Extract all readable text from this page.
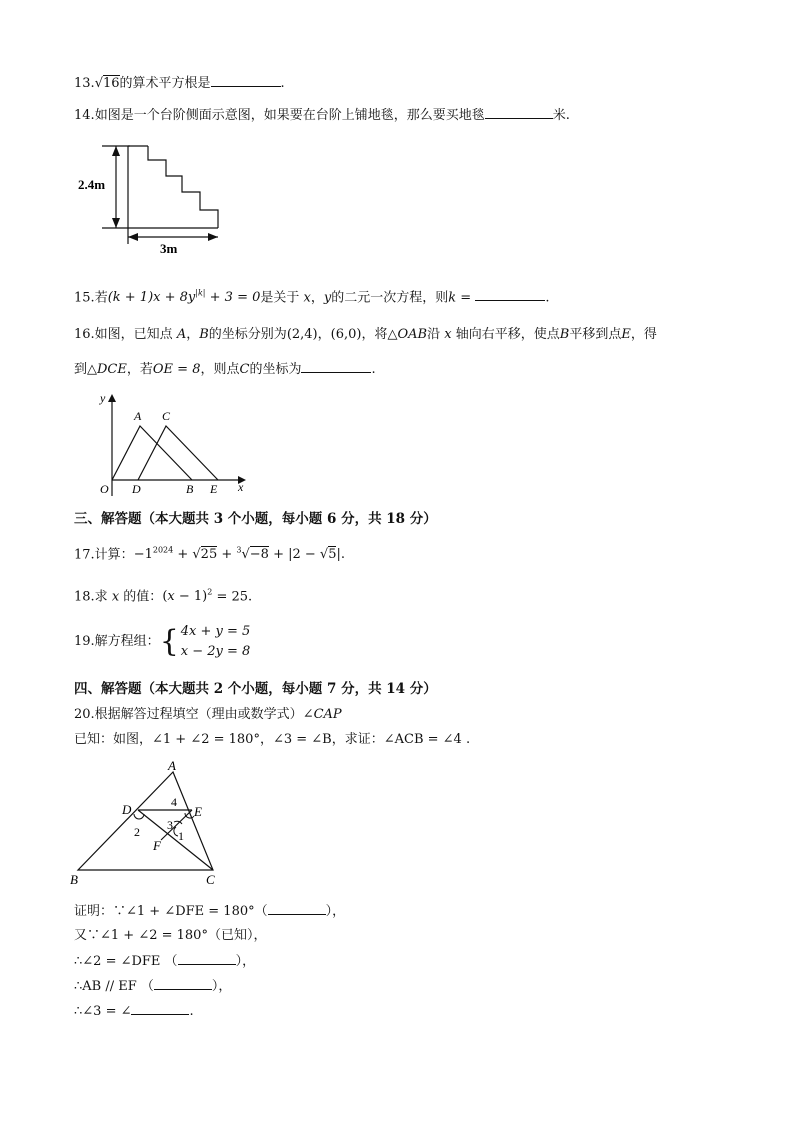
13.√16的算术平方根是	.
14.如图是一个台阶侧面示意图，如果要在台阶上铺地毯，那么要买地毯	米.
2.4m
3m
15.若$(k + 1)x + 8y^{|k|} + 3 = 0$是关于 x，y的二元一次方程，则k =	.
16.如图，已知点 A，B的坐标分别为(2,4)，(6,0)，将△OAB沿 x 轴向右平移，使点B平移到点E，得
到△DCE，若OE = 8，则点C的坐标为	.
y
A C
O D	B E x
三、解答题（本大题共 3 个小题，每小题 6 分，共 18 分）
17.计算：$-1^{2024} + √25 + ^3√-8 + |2 - √5|$.
18.求 x 的值：$(x - 1)^2 = 25$.
19.解方程组：{ 4x + y = 5
x − 2y = 8
四、解答题（本大题共 2 个小题，每小题 7 分，共 14 分）
20.根据解答过程填空（理由或数学式）∠CAP
已知：如图，∠1 + ∠2 = 180°，∠3 = ∠B，求证：∠ACB = ∠4 .
A
D	4
E
3
2	1
F
B	C
证明：∵∠1 + ∠DFE = 180°（	），
又∵∠1 + ∠2 = 180°（已知），
∴∠2 = ∠DFE （	），
∴AB // EF （	），
∴∠3 = ∠	.
